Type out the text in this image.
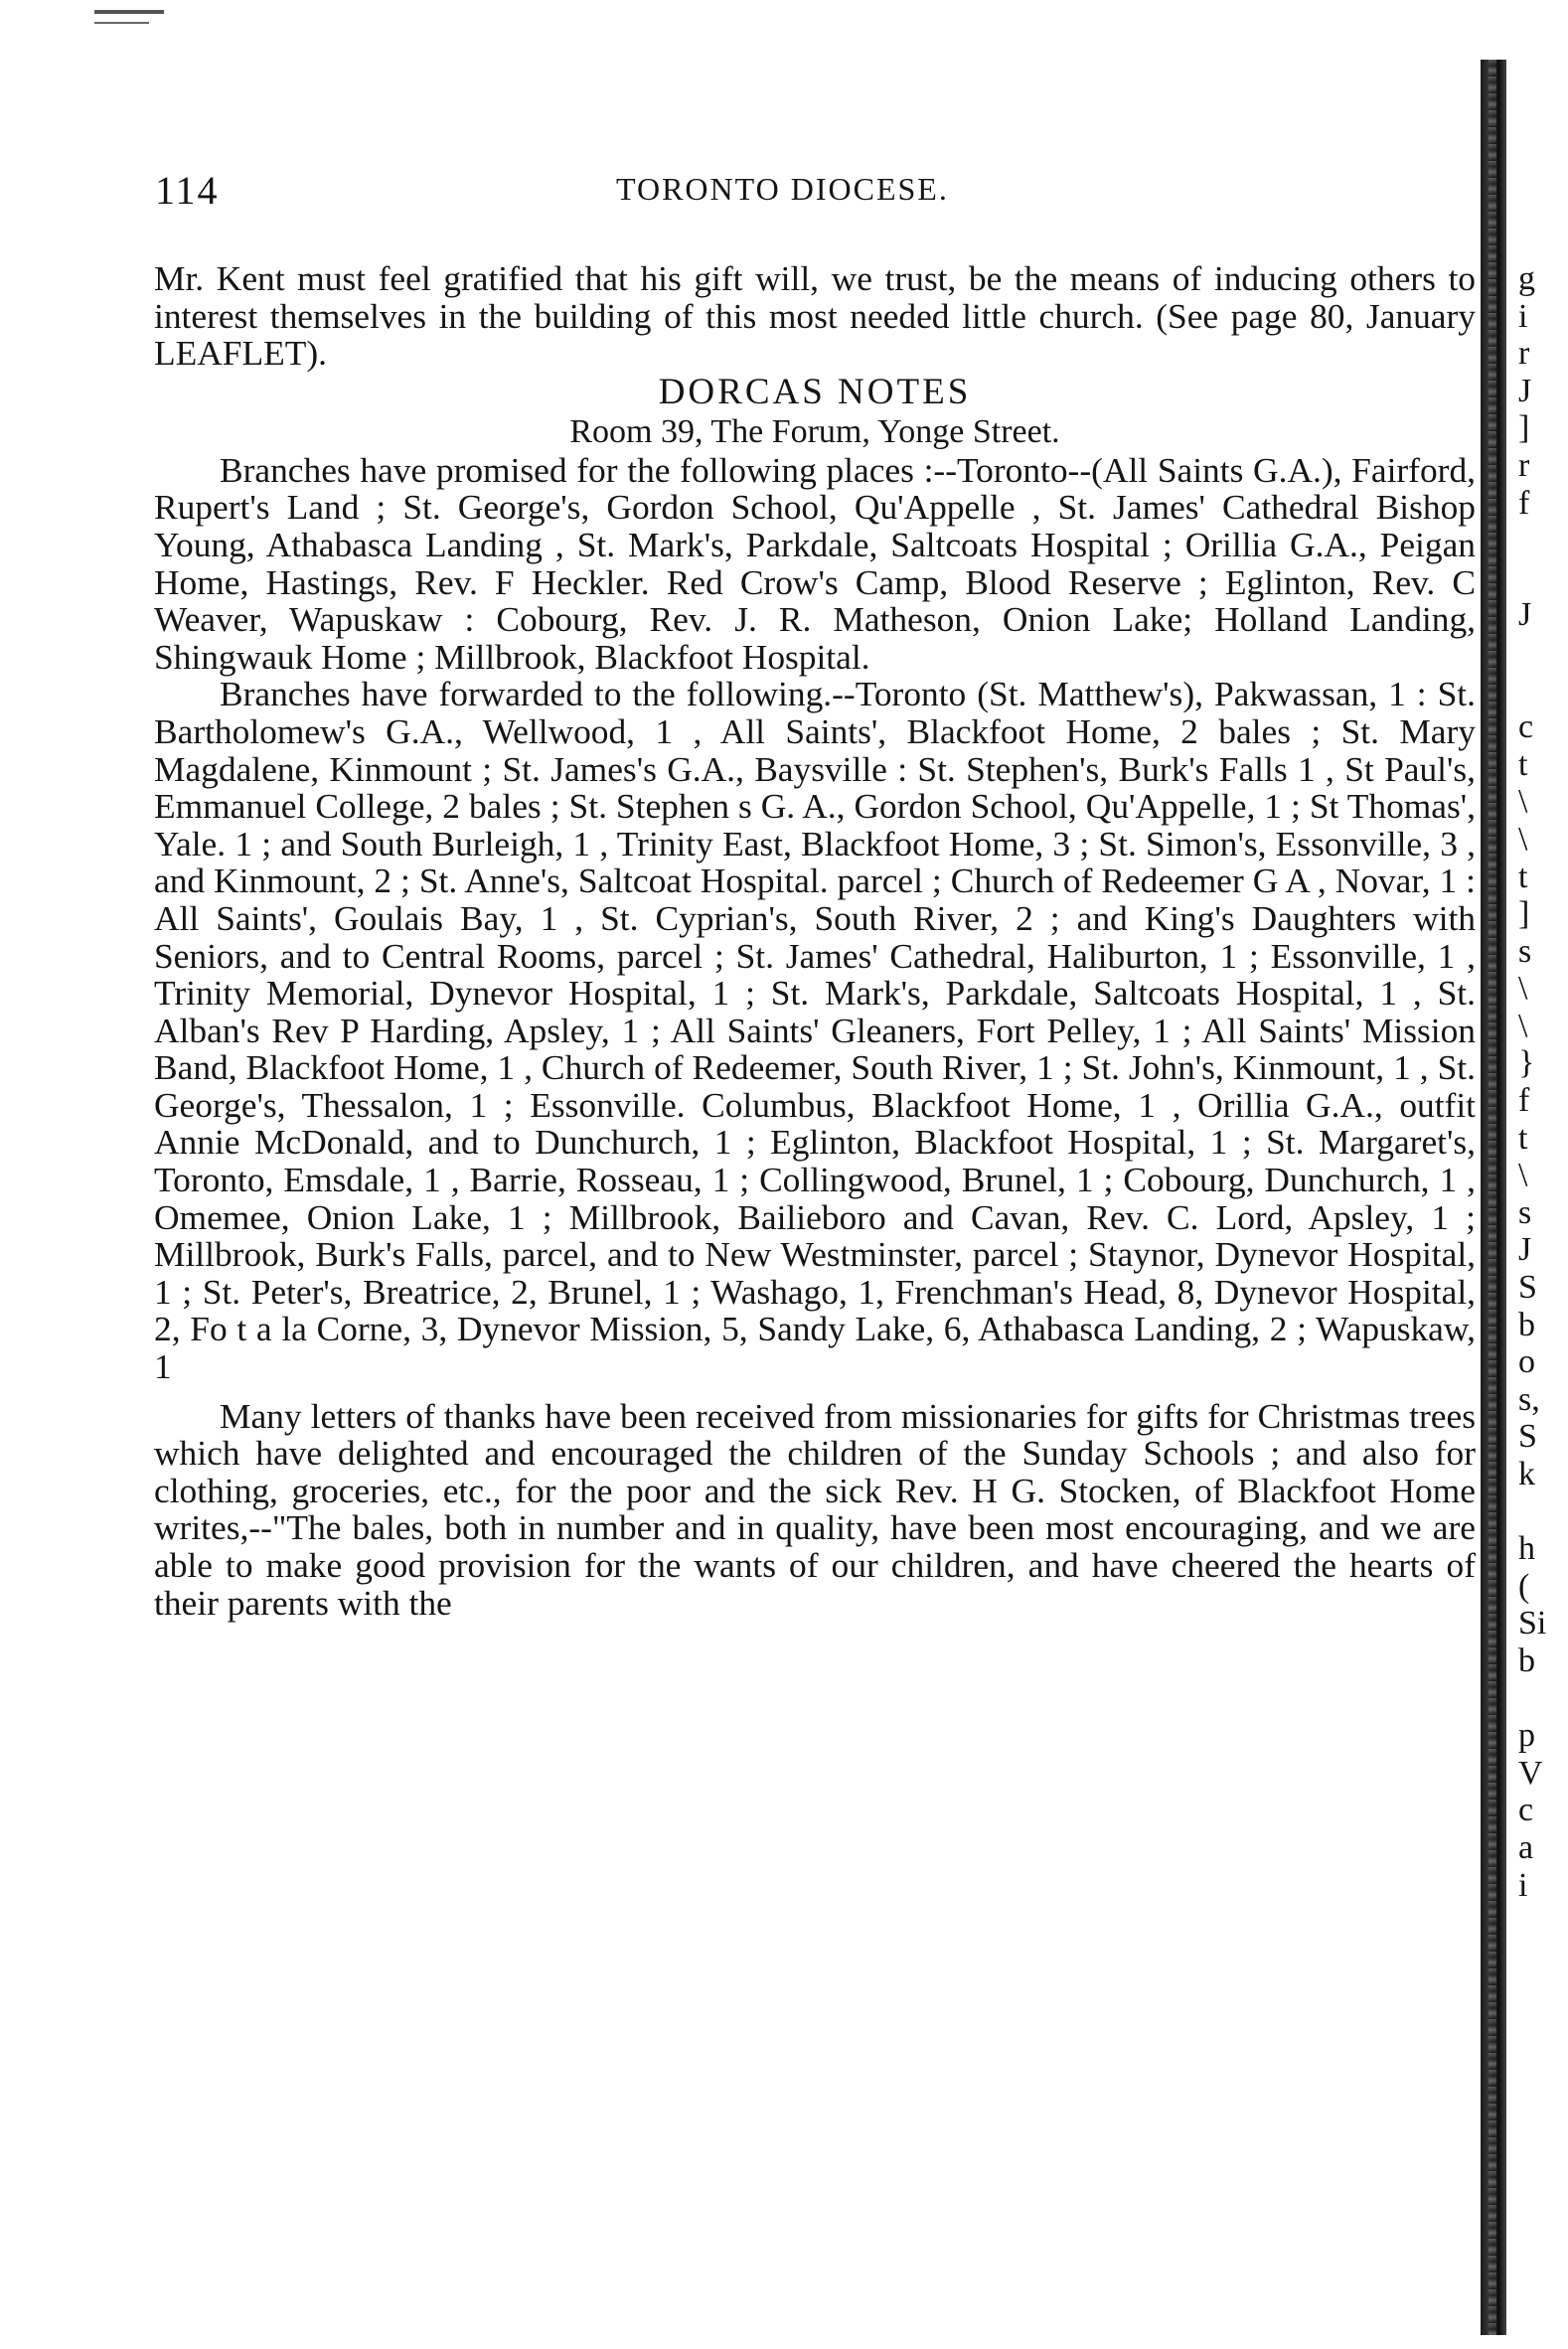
114	TORONTO DIOCESE.

Mr. Kent must feel gratified that his gift will, we trust, be the means of inducing others to interest themselves in the building of this most needed little church. (See page 80, January LEAFLET).

DORCAS NOTES

Room 39, The Forum, Yonge Street.

Branches have promised for the following places :--Toronto--(All Saints G.A.), Fairford, Rupert's Land ; St. George's, Gordon School, Qu'Appelle , St. James' Cathedral Bishop Young, Athabasca Landing , St. Mark's, Parkdale, Saltcoats Hospital ; Orillia G.A., Peigan Home, Hastings, Rev. F Heckler. Red Crow's Camp, Blood Reserve ; Eglinton, Rev. C Weaver, Wapuskaw : Cobourg, Rev. J. R. Matheson, Onion Lake; Holland Landing, Shingwauk Home ; Millbrook, Blackfoot Hospital.

Branches have forwarded to the following.--Toronto (St. Matthew's), Pakwassan, 1 : St. Bartholomew's G.A., Wellwood, 1 , All Saints', Blackfoot Home, 2 bales ; St. Mary Magdalene, Kinmount ; St. James's G.A., Baysville : St. Stephen's, Burk's Falls 1 , St Paul's, Emmanuel College, 2 bales ; St. Stephen s G. A., Gordon School, Qu'Appelle, 1 ; St Thomas', Yale. 1 ; and South Burleigh, 1 , Trinity East, Blackfoot Home, 3 ; St. Simon's, Essonville, 3 , and Kinmount, 2 ; St. Anne's, Saltcoat Hospital. parcel ; Church of Redeemer G A , Novar, 1 : All Saints', Goulais Bay, 1 , St. Cyprian's, South River, 2 ; and King's Daughters with Seniors, and to Central Rooms, parcel ; St. James' Cathedral, Haliburton, 1 ; Essonville, 1 , Trinity Memorial, Dynevor Hospital, 1 ; St. Mark's, Parkdale, Saltcoats Hospital, 1 , St. Alban's Rev P Harding, Apsley, 1 ; All Saints' Gleaners, Fort Pelley, 1 ; All Saints' Mission Band, Blackfoot Home, 1 , Church of Redeemer, South River, 1 ; St. John's, Kinmount, 1 , St. George's, Thessalon, 1 ; Essonville. Columbus, Blackfoot Home, 1 , Orillia G.A., outfit Annie McDonald, and to Dunchurch, 1 ; Eglinton, Blackfoot Hospital, 1 ; St. Margaret's, Toronto, Emsdale, 1 , Barrie, Rosseau, 1 ; Collingwood, Brunel, 1 ; Cobourg, Dunchurch, 1 , Omemee, Onion Lake, 1 ; Millbrook, Bailieboro and Cavan, Rev. C. Lord, Apsley, 1 ; Millbrook, Burk's Falls, parcel, and to New Westminster, parcel ; Staynor, Dynevor Hospital, 1 ; St. Peter's, Breatrice, 2, Brunel, 1 ; Washago, 1, Frenchman's Head, 8, Dynevor Hospital, 2, Fo t a la Corne, 3, Dynevor Mission, 5, Sandy Lake, 6, Athabasca Landing, 2 ; Wapuskaw, 1

Many letters of thanks have been received from missionaries for gifts for Christmas trees which have delighted and encouraged the children of the Sunday Schools ; and also for clothing, groceries, etc., for the poor and the sick Rev. H G. Stocken, of Blackfoot Home writes,--"The bales, both in number and in quality, have been most encouraging, and we are able to make good provision for the wants of our children, and have cheered the hearts of their parents with the

g
i
r
J
]
r
f
J
c
t
\
\
t
]
s
\
\
}
f
t
\
s
J
S
b
o
s,
S
k
h
(
Si
b
p
V
c
a
i
